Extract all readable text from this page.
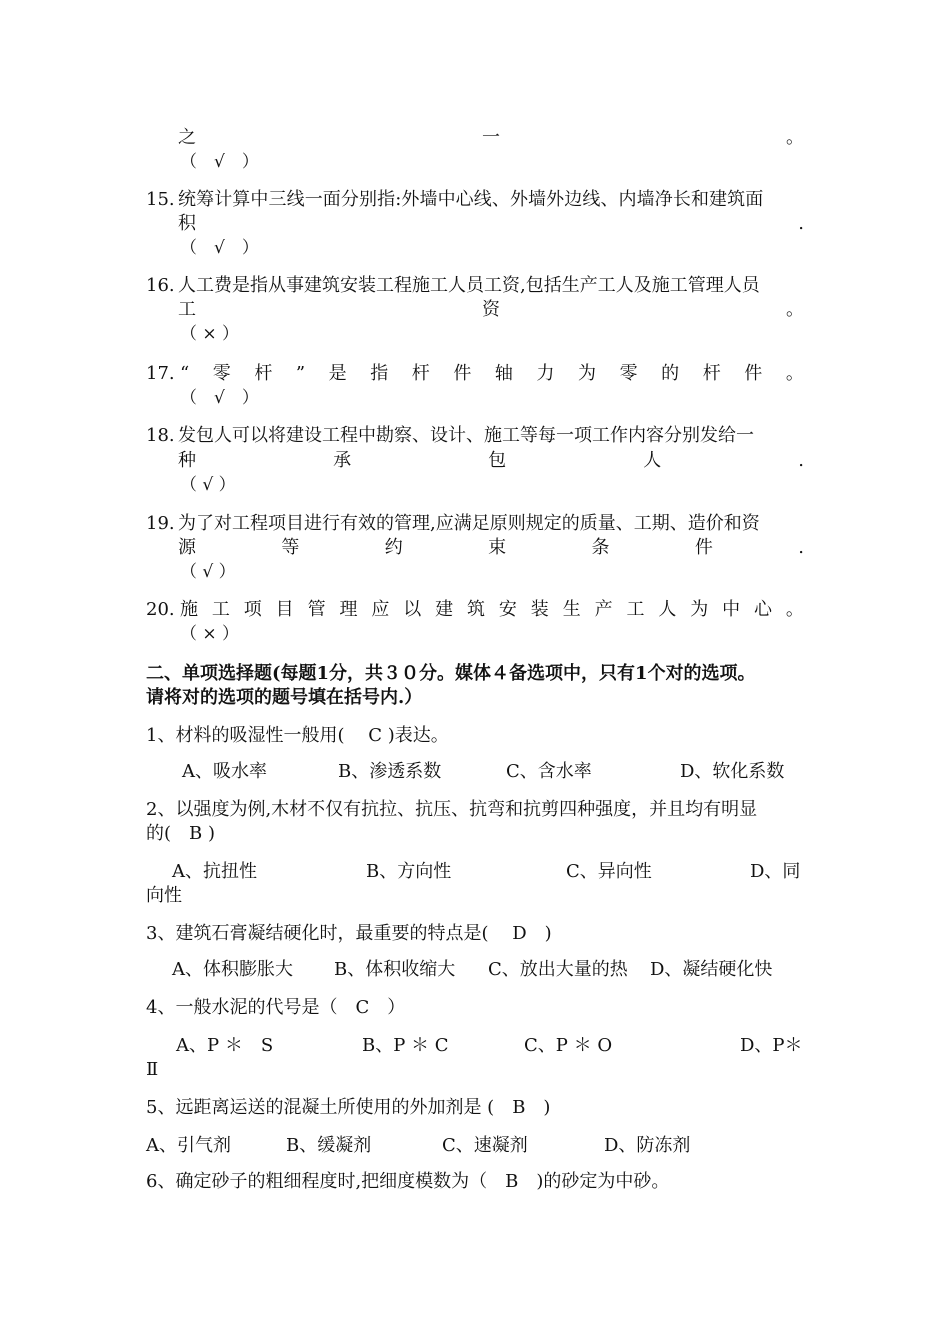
之	一	。
（　√　）
15. 统筹计算中三线一面分别指:外墙中心线、外墙外边线、内墙净长和建筑面
积	.
（　√　）
16. 人工费是指从事建筑安装工程施工人员工资,包括生产工人及施工管理人员
工	资	。
（ × ）
17. “ 零 杆 ” 是 指 杆 件 轴 力 为 零 的 杆 件 。
（　√　）
18. 发包人可以将建设工程中勘察、设计、施工等每一项工作内容分别发给一
种	承	包	人	.
（ √ ）
19. 为了对工程项目进行有效的管理,应满足原则规定的质量、工期、造价和资
源	等	约	束	条	件	.
（ √ ）
20. 施 工 项 目 管 理 应 以 建 筑 安 装 生 产 工 人 为 中 心 。
（ × ）
二、单项选择题(每题1分，共３０分。媒体４备选项中，只有1个对的选项。
请将对的选项的题号填在括号内.）
1、材料的吸湿性一般用(　 C )表达。
A、吸水率	B、渗透系数	C、含水率	D、软化系数
2、以强度为例,木材不仅有抗拉、抗压、抗弯和抗剪四种强度，并且均有明显
的(　B )
A、抗扭性	B、方向性	C、异向性	D、同
向性
3、建筑石膏凝结硬化时，最重要的特点是(　 D　)
A、体积膨胀大 B、体积收缩大 C、放出大量的热 D、凝结硬化快
4、一般水泥的代号是（　C　）
A、P ＊　S	B、P ＊ C	C、P ＊ O	D、P＊
Ⅱ
5、远距离运送的混凝土所使用的外加剂是 (　B　)
A、引气剂	B、缓凝剂	C、速凝剂	D、防冻剂
6、确定砂子的粗细程度时,把细度模数为（　B　)的砂定为中砂。
